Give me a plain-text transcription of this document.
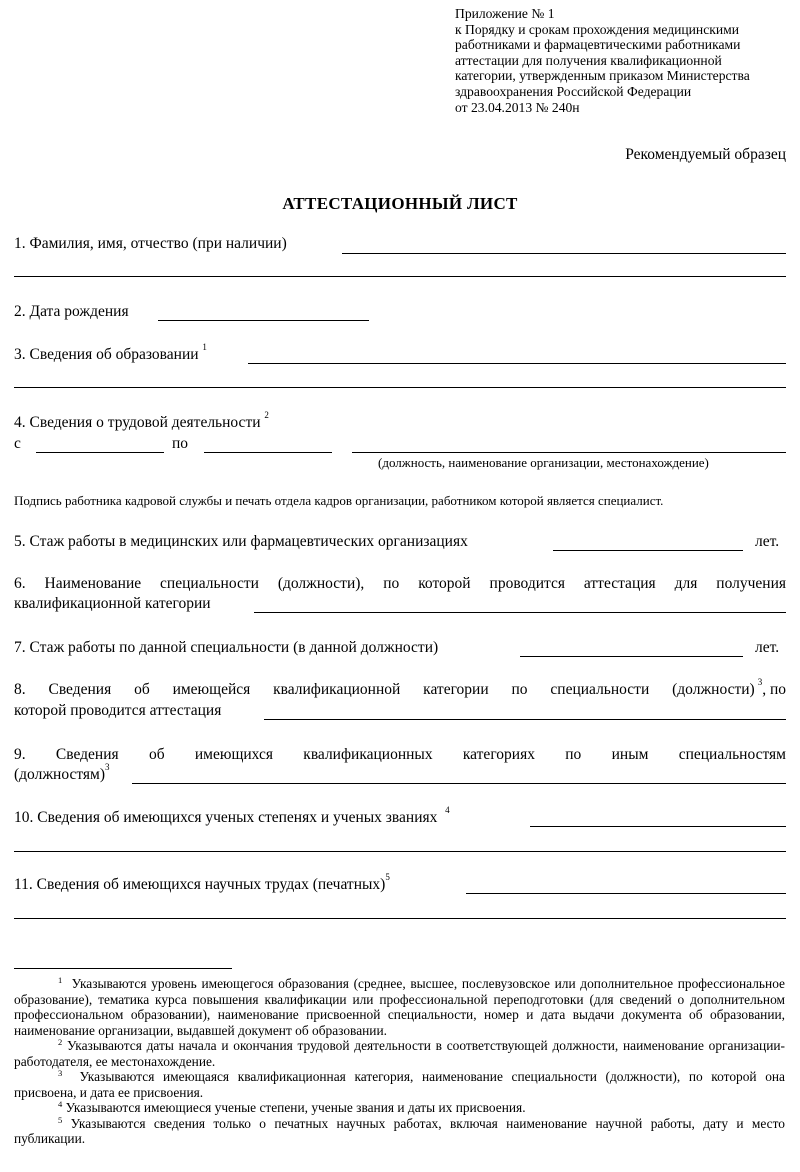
Приложение № 1
к Порядку и срокам прохождения медицинскими
работниками и фармацевтическими работниками
аттестации для получения квалификационной
категории, утвержденным приказом Министерства
здравоохранения Российской Федерации
от 23.04.2013 № 240н
Рекомендуемый образец
АТТЕСТАЦИОННЫЙ ЛИСТ
1. Фамилия, имя, отчество (при наличии)
2. Дата рождения
3. Сведения об образовании $^1$
4. Сведения о трудовой деятельности $^2$
с	по
(должность, наименование организации, местонахождение)
Подпись работника кадровой службы и печать отдела кадров организации, работником которой является специалист.
5. Стаж работы в медицинских или фармацевтических организациях	лет.
6. Наименование специальности (должности), по которой проводится аттестация для получения
квалификационной категории
7. Стаж работы по данной специальности (в данной должности)	лет.
8. Сведения об имеющейся квалификационной категории по специальности (должности) $^3$ , по
которой проводится аттестация
9. Сведения об имеющихся квалификационных категориях по иным специальностям
(должностям)$^3$
10. Сведения об имеющихся ученых степенях и ученых званиях $^4$
11. Сведения об имеющихся научных трудах (печатных)$^5$

$^1$ Указываются уровень имеющегося образования (среднее, высшее, послевузовское или дополнительное профессиональное образование), тематика курса повышения квалификации или профессиональной переподготовки (для сведений о дополнительном профессиональном образовании), наименование присвоенной специальности, номер и дата выдачи документа об образовании, наименование организации, выдавшей документ об образовании.

$^2$ Указываются даты начала и окончания трудовой деятельности в соответствующей должности, наименование организации-работодателя, ее местонахождение.

$^3$ Указываются имеющаяся квалификационная категория, наименование специальности (должности), по которой она присвоена, и дата ее присвоения.

$^4$ Указываются имеющиеся ученые степени, ученые звания и даты их присвоения.

$^5$ Указываются сведения только о печатных научных работах, включая наименование научной работы, дату и место публикации.
